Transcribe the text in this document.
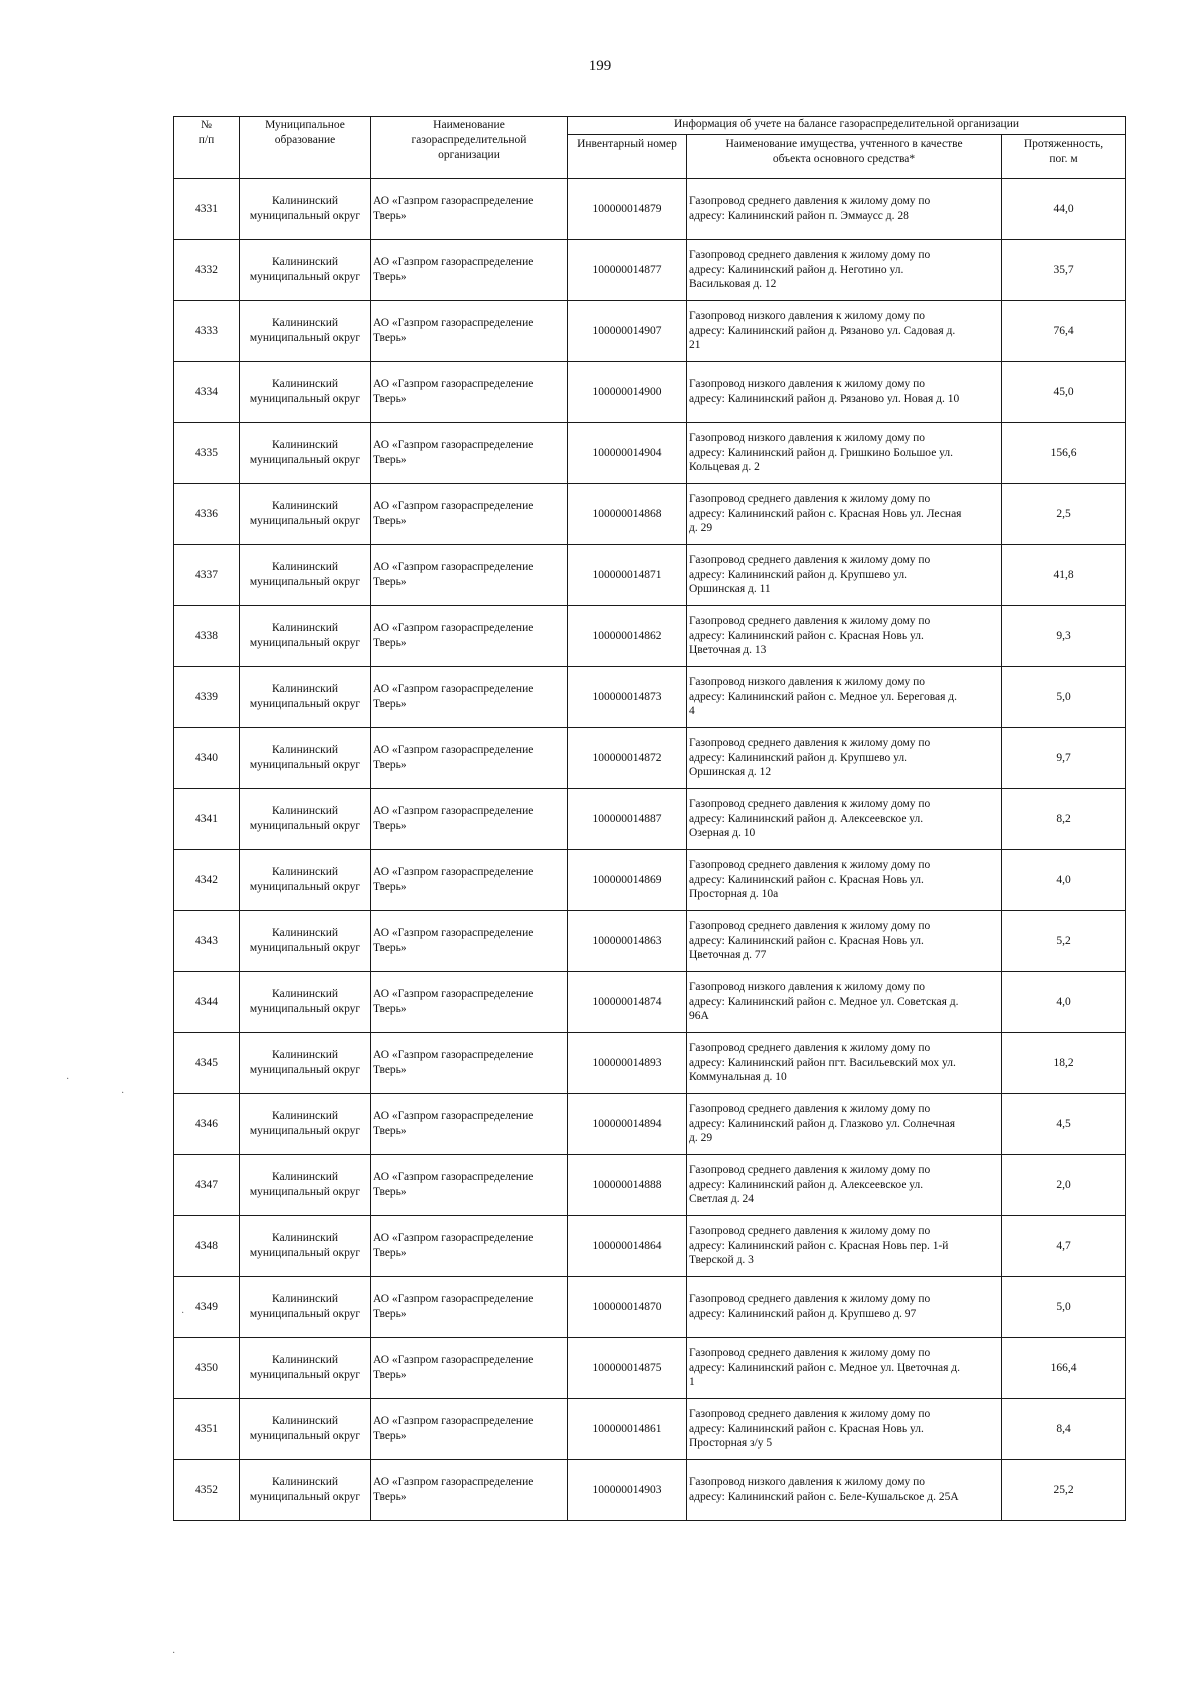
199
№
п/п	Муниципальное
образование	Наименование
газораспределительной
организации	Информация об учете на балансе газораспределительной организации		
			Инвентарный номер	Наименование имущества, учтенного в качестве
объекта основного средства*	Протяженность,
пог. м
4331	Калининский
муниципальный округ	АО «Газпром газораспределение
Тверь»	100000014879	Газопровод среднего давления к жилому дому по
адресу: Калининский район п. Эммаусс д. 28	44,0
4332	Калининский
муниципальный округ	АО «Газпром газораспределение
Тверь»	100000014877	Газопровод среднего давления к жилому дому по
адресу: Калининский район д. Неготино ул.
Васильковая д. 12	35,7
4333	Калининский
муниципальный округ	АО «Газпром газораспределение
Тверь»	100000014907	Газопровод низкого давления к жилому дому по
адресу: Калининский район д. Рязаново ул. Садовая д.
21	76,4
4334	Калининский
муниципальный округ	АО «Газпром газораспределение
Тверь»	100000014900	Газопровод низкого давления к жилому дому по
адресу: Калининский район д. Рязаново ул. Новая д. 10	45,0
4335	Калининский
муниципальный округ	АО «Газпром газораспределение
Тверь»	100000014904	Газопровод низкого давления к жилому дому по
адресу: Калининский район д. Гришкино Большое ул.
Кольцевая д. 2	156,6
4336	Калининский
муниципальный округ	АО «Газпром газораспределение
Тверь»	100000014868	Газопровод среднего давления к жилому дому по
адресу: Калининский район с. Красная Новь ул. Лесная
д. 29	2,5
4337	Калининский
муниципальный округ	АО «Газпром газораспределение
Тверь»	100000014871	Газопровод среднего давления к жилому дому по
адресу: Калининский район д. Крупшево ул.
Оршинская д. 11	41,8
4338	Калининский
муниципальный округ	АО «Газпром газораспределение
Тверь»	100000014862	Газопровод среднего давления к жилому дому по
адресу: Калининский район с. Красная Новь ул.
Цветочная д. 13	9,3
4339	Калининский
муниципальный округ	АО «Газпром газораспределение
Тверь»	100000014873	Газопровод низкого давления к жилому дому по
адресу: Калининский район с. Медное ул. Береговая д.
4	5,0
4340	Калининский
муниципальный округ	АО «Газпром газораспределение
Тверь»	100000014872	Газопровод среднего давления к жилому дому по
адресу: Калининский район д. Крупшево ул.
Оршинская д. 12	9,7
4341	Калининский
муниципальный округ	АО «Газпром газораспределение
Тверь»	100000014887	Газопровод среднего давления к жилому дому по
адресу: Калининский район д. Алексеевское ул.
Озерная д. 10	8,2
4342	Калининский
муниципальный округ	АО «Газпром газораспределение
Тверь»	100000014869	Газопровод среднего давления к жилому дому по
адресу: Калининский район с. Красная Новь ул.
Просторная д. 10а	4,0
4343	Калининский
муниципальный округ	АО «Газпром газораспределение
Тверь»	100000014863	Газопровод среднего давления к жилому дому по
адресу: Калининский район с. Красная Новь ул.
Цветочная д. 77	5,2
4344	Калининский
муниципальный округ	АО «Газпром газораспределение
Тверь»	100000014874	Газопровод низкого давления к жилому дому по
адресу: Калининский район с. Медное ул. Советская д.
96А	4,0
4345	Калининский
муниципальный округ	АО «Газпром газораспределение
Тверь»	100000014893	Газопровод среднего давления к жилому дому по
адресу: Калининский район пгт. Васильевский мох ул.
Коммунальная д. 10	18,2
4346	Калининский
муниципальный округ	АО «Газпром газораспределение
Тверь»	100000014894	Газопровод среднего давления к жилому дому по
адресу: Калининский район д. Глазково ул. Солнечная
д. 29	4,5
4347	Калининский
муниципальный округ	АО «Газпром газораспределение
Тверь»	100000014888	Газопровод среднего давления к жилому дому по
адресу: Калининский район д. Алексеевское ул.
Светлая д. 24	2,0
4348	Калининский
муниципальный округ	АО «Газпром газораспределение
Тверь»	100000014864	Газопровод среднего давления к жилому дому по
адресу: Калининский район с. Красная Новь пер. 1-й
Тверской д. 3	4,7
4349	Калининский
муниципальный округ	АО «Газпром газораспределение
Тверь»	100000014870	Газопровод среднего давления к жилому дому по
адресу: Калининский район д. Крупшево д. 97	5,0
4350	Калининский
муниципальный округ	АО «Газпром газораспределение
Тверь»	100000014875	Газопровод среднего давления к жилому дому по
адресу: Калининский район с. Медное ул. Цветочная д.
1	166,4
4351	Калининский
муниципальный округ	АО «Газпром газораспределение
Тверь»	100000014861	Газопровод среднего давления к жилому дому по
адресу: Калининский район с. Красная Новь ул.
Просторная з/у 5	8,4
4352	Калининский
муниципальный округ	АО «Газпром газораспределение
Тверь»	100000014903	Газопровод низкого давления к жилому дому по
адресу: Калининский район с. Беле-Кушальское д. 25А	25,2
·
·
·
·
